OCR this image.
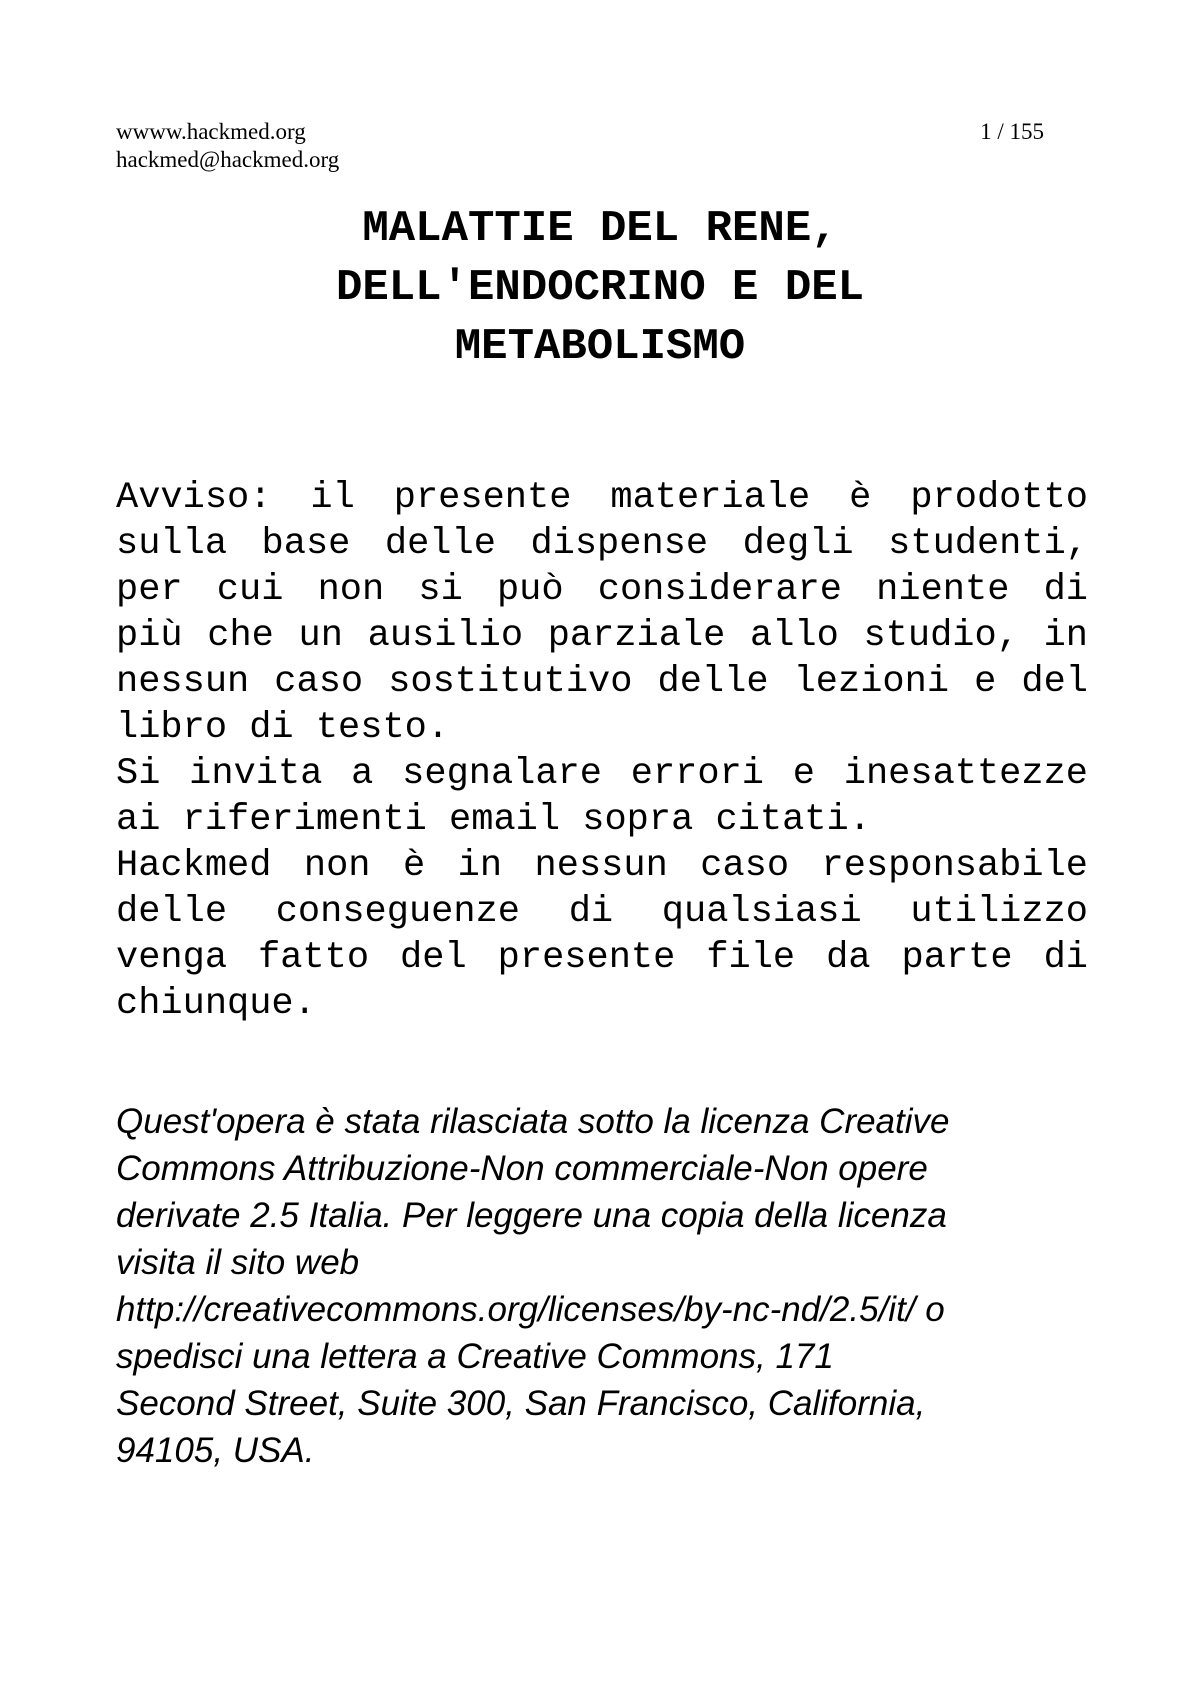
wwww.hackmed.org	1 / 155
hackmed@hackmed.org
MALATTIE DEL RENE,
DELL'ENDOCRINO E DEL
METABOLISMO

Avviso: il presente materiale è prodotto sulla base delle dispense degli studenti, per cui non si può considerare niente di più che un ausilio parziale allo studio, in nessun caso sostitutivo delle lezioni e del libro di testo.

Si invita a segnalare errori e inesattezze ai riferimenti email sopra citati.

Hackmed non è in nessun caso responsabile delle conseguenze di qualsiasi utilizzo venga fatto del presente file da parte di chiunque.

Quest'opera è stata rilasciata sotto la licenza Creative
Commons Attribuzione-Non commerciale-Non opere
derivate 2.5 Italia. Per leggere una copia della licenza
visita il sito web
http://creativecommons.org/licenses/by-nc-nd/2.5/it/ o
spedisci una lettera a Creative Commons, 171
Second Street, Suite 300, San Francisco, California,
94105, USA.
